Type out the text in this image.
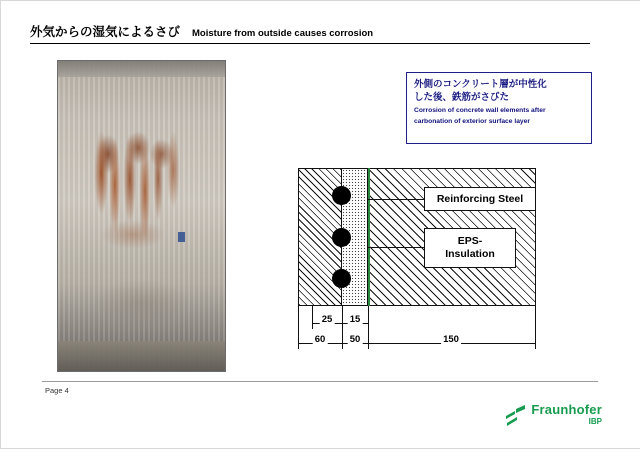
外気からの湿気によるさび Moisture from outside causes corrosion
外側のコンクリート層が中性化
した後、鉄筋がさびた
Corrosion of concrete wall elements after
carbonation of exterior surface layer
Reinforcing Steel
EPS-
Insulation
25 15
60	50	150
Page 4
Fraunhofer
IBP
